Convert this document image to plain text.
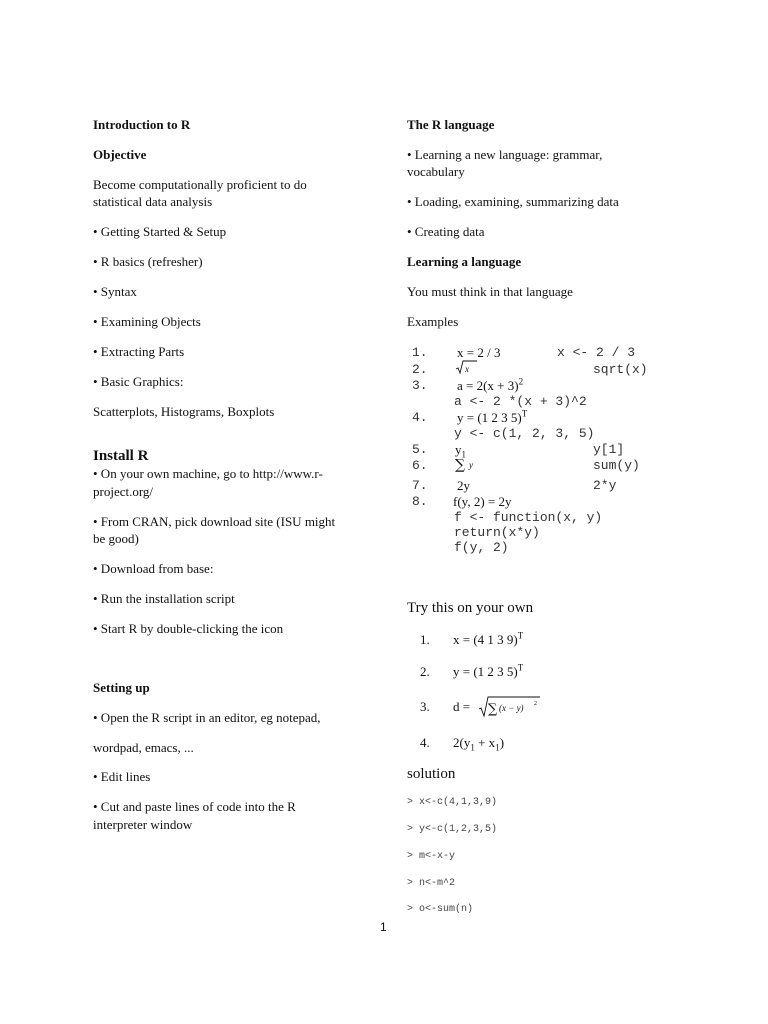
Introduction to R
Objective
Become computationally proficient to do
statistical data analysis
• Getting Started & Setup
• R basics (refresher)
• Syntax
• Examining Objects
• Extracting Parts
• Basic Graphics:
Scatterplots, Histograms, Boxplots
Install R
• On your own machine, go to http://www.r-
project.org/
• From CRAN, pick download site (ISU might
be good)
• Download from base:
• Run the installation script
• Start R by double-clicking the icon
Setting up
• Open the R script in an editor, eg notepad,
wordpad, emacs, ...
• Edit lines
• Cut and paste lines of code into the R
interpreter window
The R language
• Learning a new language: grammar,
vocabulary
• Loading, examining, summarizing data
• Creating data
Learning a language
You must think in that language
Examples
1. x = 2 / 3	x <- 2 / 3
2.	x	sqrt(x)
3. $a = 2(x + 3)^2$
a <- 2 *(x + 3)^2
4. y = (1 2 3 5)$^T$
y <- c(1, 2, 3, 5)
5. $y_1$	y[1]
6. ∑ y	sum(y)
7. 2y	2*y
8. f(y, 2) = 2y
f <- function(x, y)
return(x*y)
f(y, 2)
Try this on your own
1. x = (4 1 3 9)$^T$
2. y = (1 2 3 5)$^T$
3. d = ∑ (x − y) 2
4. $2(y_1 + x_1)$
solution
> x<-c(4,1,3,9)
> y<-c(1,2,3,5)
> m<-x-y
> n<-m^2
> o<-sum(n)
1
